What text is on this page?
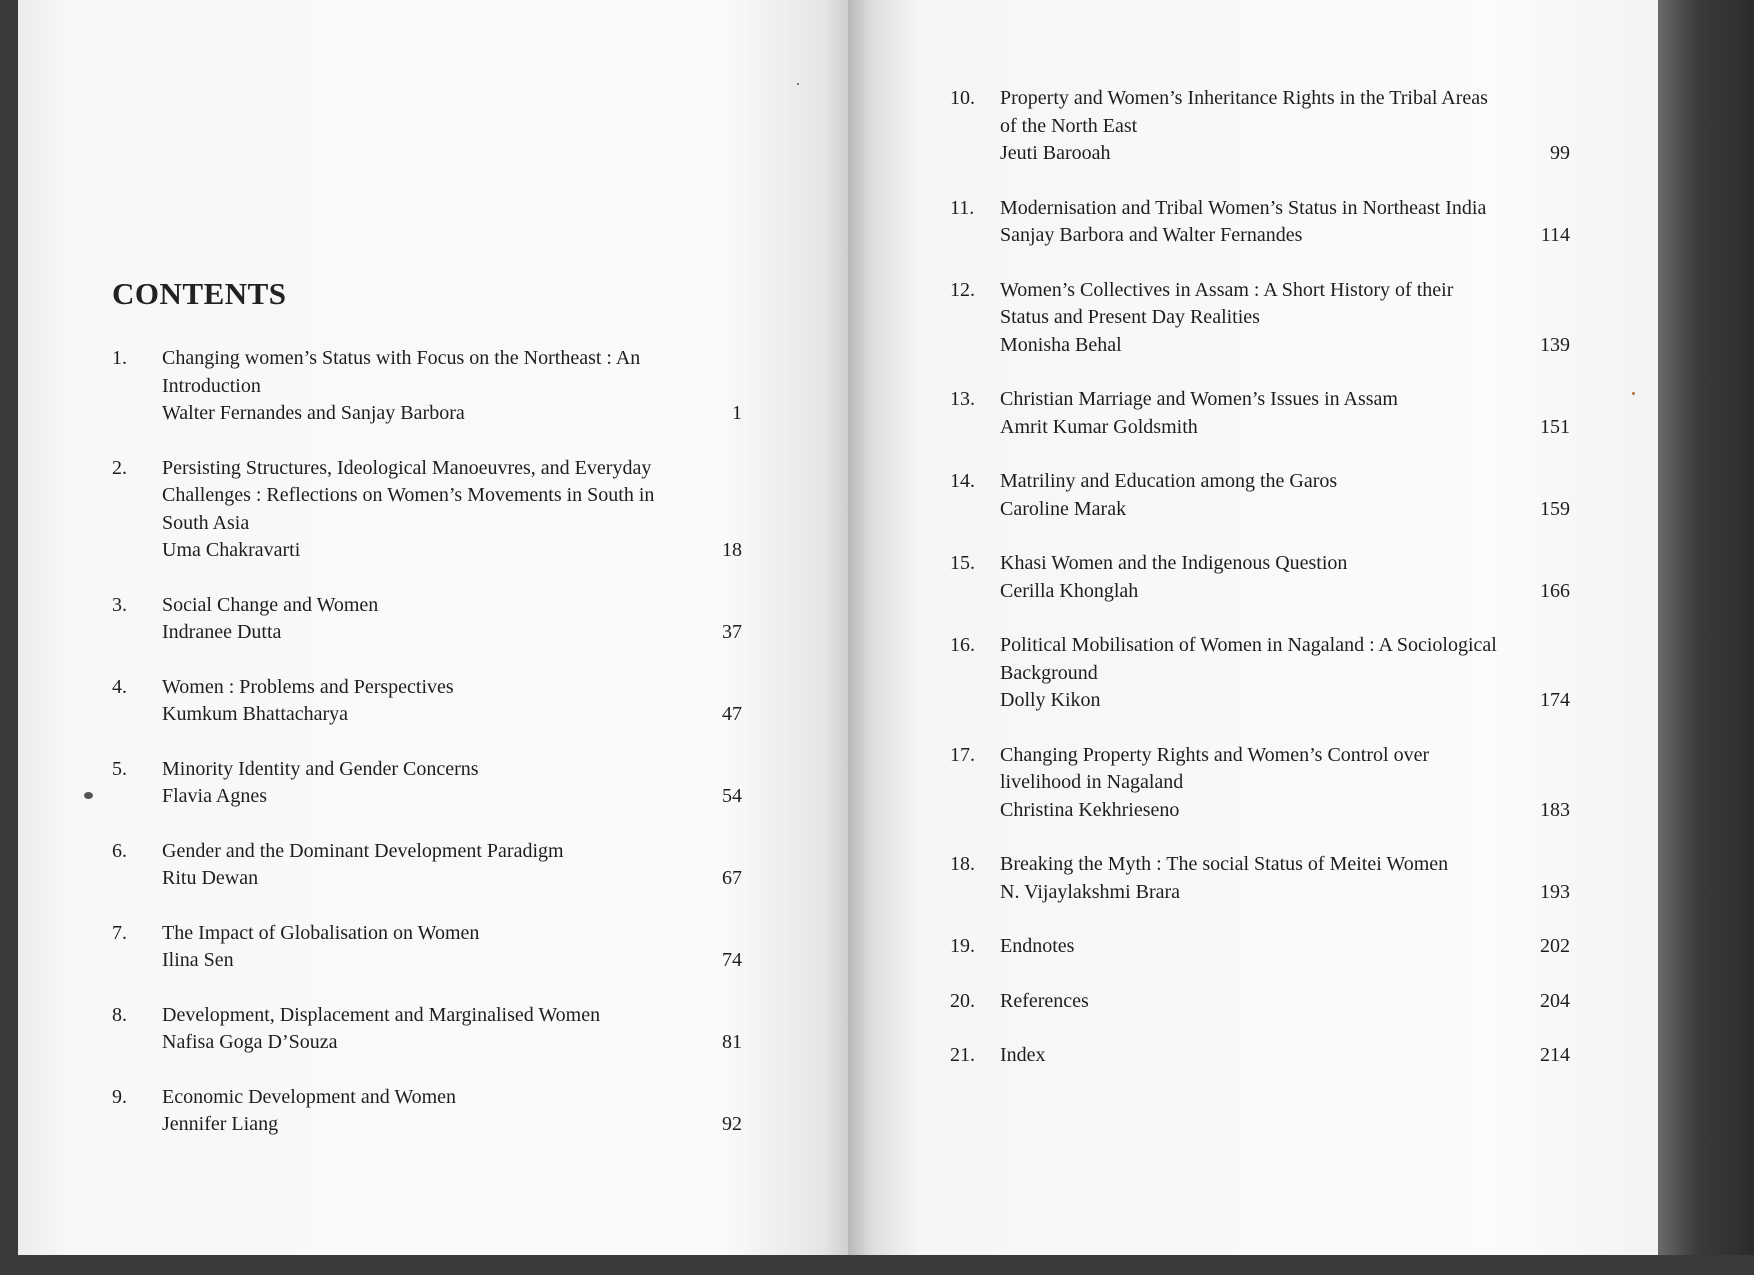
CONTENTS
1.	Changing women’s Status with Focus on the Northeast : An Introduction
Walter Fernandes and Sanjay Barbora	1
2.	Persisting Structures, Ideological Manoeuvres, and Everyday Challenges : Reflections on Women’s Movements in South in South Asia
Uma Chakravarti	18
3.	Social Change and Women
Indranee Dutta	37
4.	Women : Problems and Perspectives
Kumkum Bhattacharya	47
5.	Minority Identity and Gender Concerns
Flavia Agnes	54
6.	Gender and the Dominant Development Paradigm
Ritu Dewan	67
7.	The Impact of Globalisation on Women
Ilina Sen	74
8.	Development, Displacement and Marginalised Women
Nafisa Goga D’Souza	81
9.	Economic Development and Women
Jennifer Liang	92
10.	Property and Women’s Inheritance Rights in the Tribal Areas of the North East
Jeuti Barooah	99
11.	Modernisation and Tribal Women’s Status in Northeast India
Sanjay Barbora and Walter Fernandes	114
12.	Women’s Collectives in Assam : A Short History of their Status and Present Day Realities
Monisha Behal	139
13.	Christian Marriage and Women’s Issues in Assam
Amrit Kumar Goldsmith	151
14.	Matriliny and Education among the Garos
Caroline Marak	159
15.	Khasi Women and the Indigenous Question
Cerilla Khonglah	166
16.	Political Mobilisation of Women in Nagaland : A Sociological Background
Dolly Kikon	174
17.	Changing Property Rights and Women’s Control over livelihood in Nagaland
Christina Kekhrieseno	183
18.	Breaking the Myth : The social Status of Meitei Women
N. Vijaylakshmi Brara	193
19.	Endnotes	202
20.	References	204
21.	Index	214
